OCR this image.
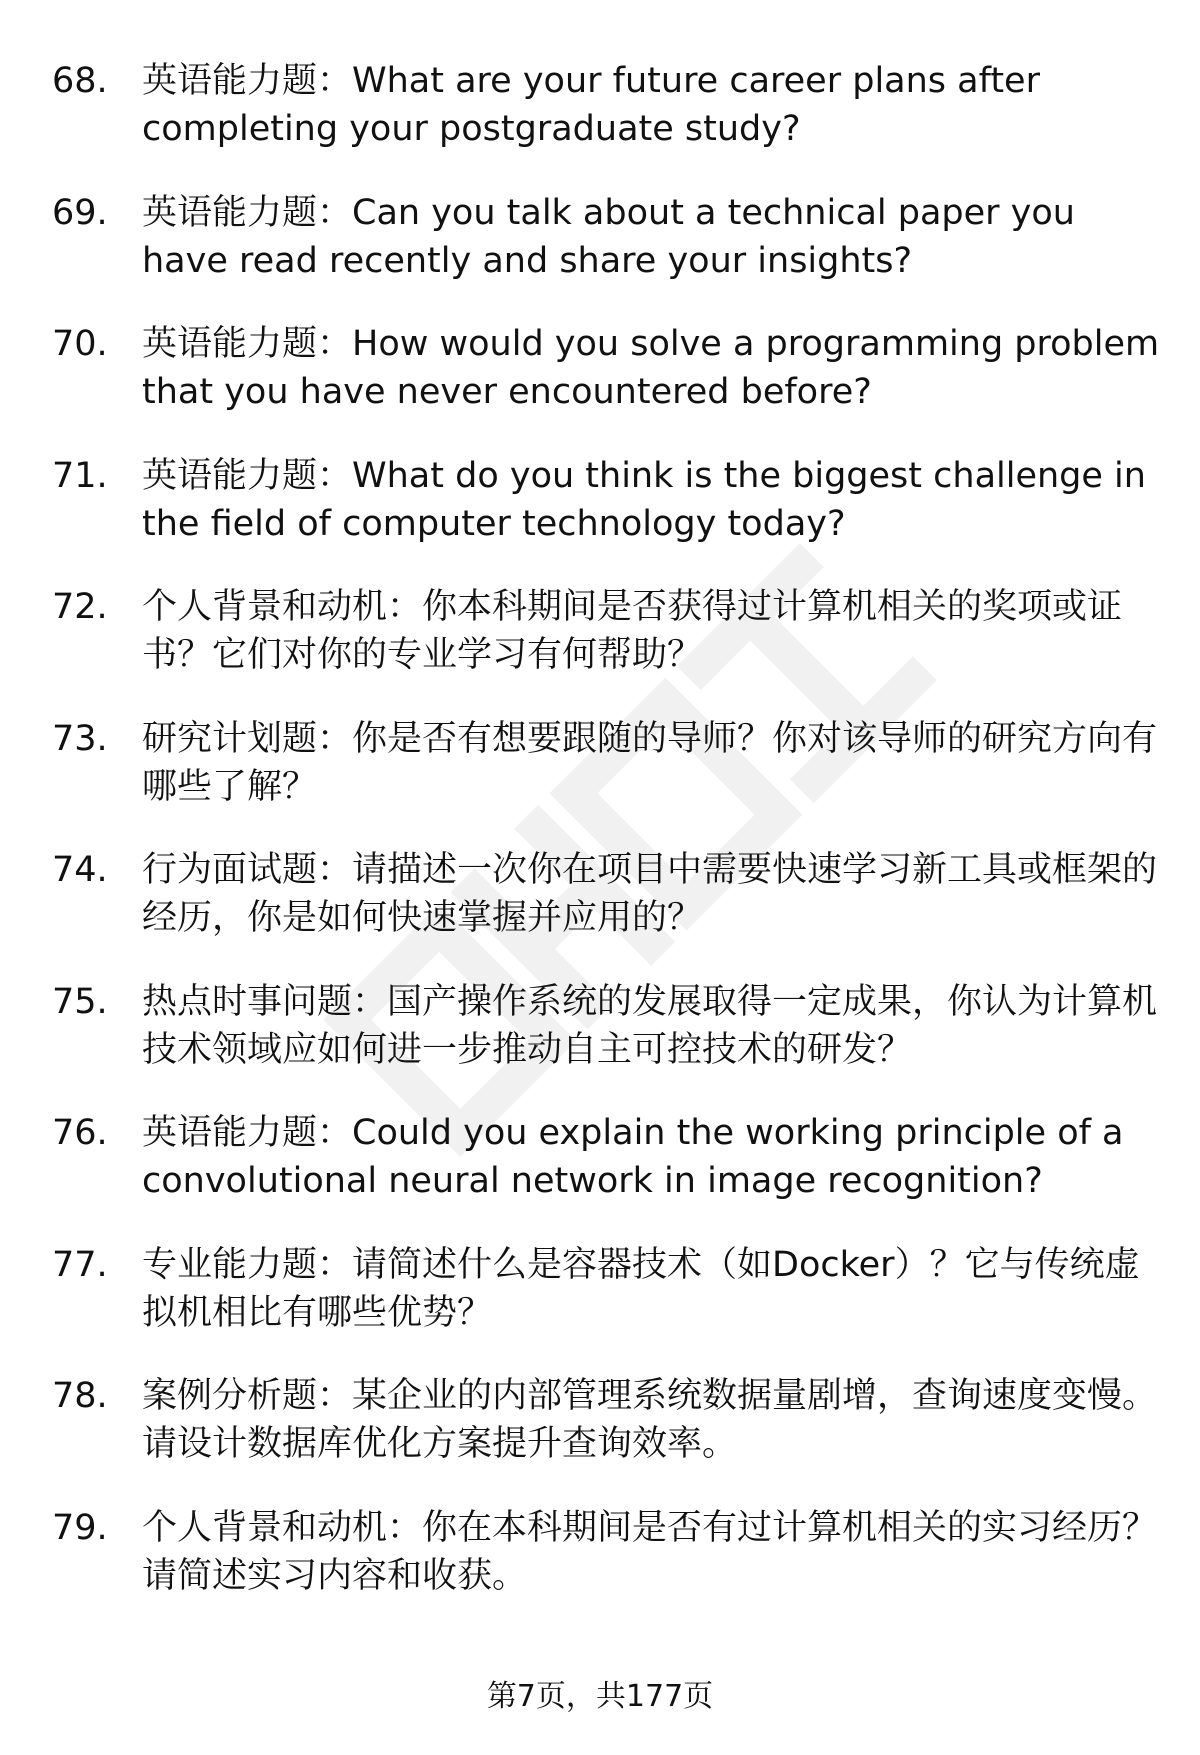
68. 英语能力题：What are your future career plans after completing your postgraduate study?
69. 英语能力题：Can you talk about a technical paper you have read recently and share your insights?
70. 英语能力题：How would you solve a programming problem that you have never encountered before?
71. 英语能力题：What do you think is the biggest challenge in the field of computer technology today?
72. 个人背景和动机：你本科期间是否获得过计算机相关的奖项或证书？它们对你的专业学习有何帮助？
73. 研究计划题：你是否有想要跟随的导师？你对该导师的研究方向有哪些了解？
74. 行为面试题：请描述一次你在项目中需要快速学习新工具或框架的经历，你是如何快速掌握并应用的？
75. 热点时事问题：国产操作系统的发展取得一定成果，你认为计算机技术领域应如何进一步推动自主可控技术的研发？
76. 英语能力题：Could you explain the working principle of a convolutional neural network in image recognition?
77. 专业能力题：请简述什么是容器技术（如Docker）？它与传统虚拟机相比有哪些优势？
78. 案例分析题：某企业的内部管理系统数据量剧增，查询速度变慢。请设计数据库优化方案提升查询效率。
79. 个人背景和动机：你在本科期间是否有过计算机相关的实习经历？请简述实习内容和收获。
第7页，共177页
